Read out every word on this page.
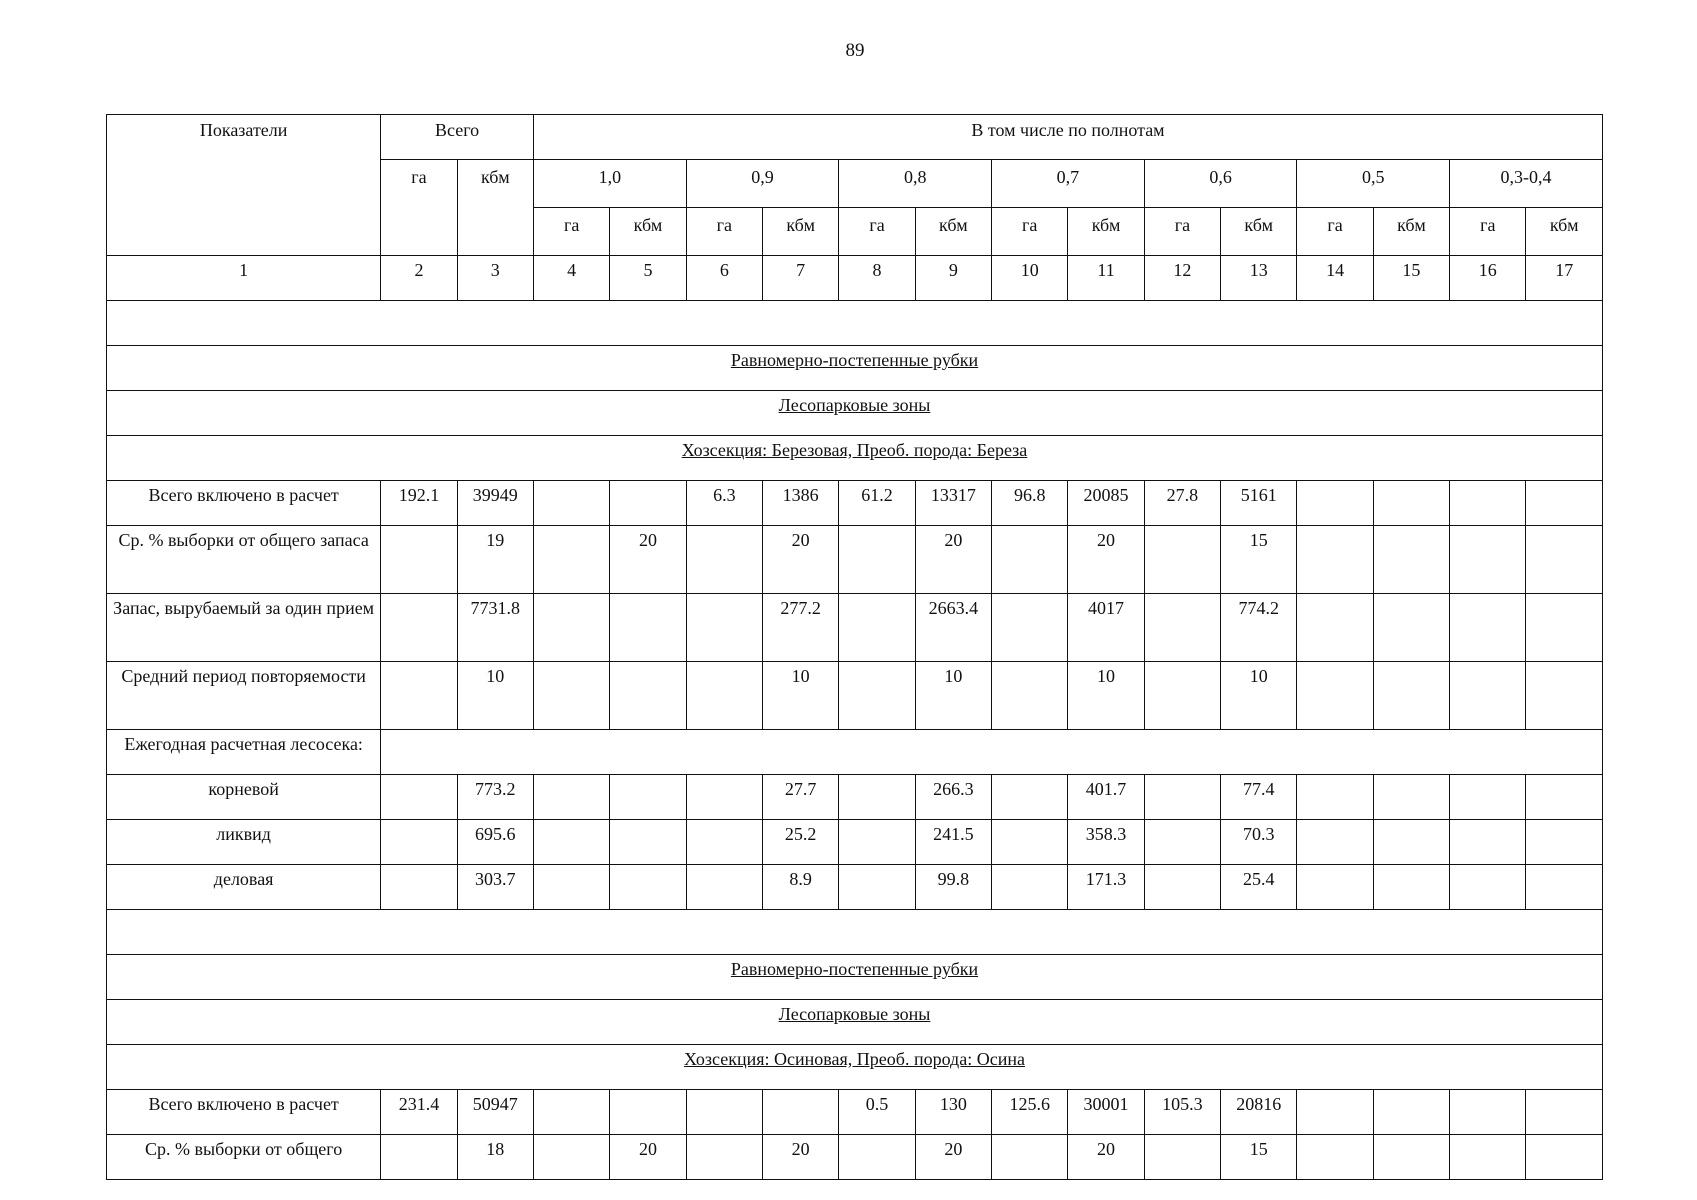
89
Показатели	Всего		В том числе по полнотам													
	га	кбм	1,0		0,9		0,8		0,7		0,6		0,5		0,3-0,4	
			га	кбм	га	кбм	га	кбм	га	кбм	га	кбм	га	кбм	га	кбм
1	2	3	4	5	6	7	8	9	10	11	12	13	14	15	16	17

Равномерно-постепенные рубки																
Лесопарковые зоны																
Хозсекция: Березовая, Преоб. порода: Береза																
Всего включено в расчет	192.1	39949			6.3	1386	61.2	13317	96.8	20085	27.8	5161				
Ср. % выборки от общего запаса		19		20		20		20		20		15				
Запас, вырубаемый за один прием		7731.8				277.2		2663.4		4017		774.2				
Средний период повторяемости		10				10		10		10		10				
Ежегодная расчетная лесосека:																
корневой		773.2				27.7		266.3		401.7		77.4				
ликвид		695.6				25.2		241.5		358.3		70.3				
деловая		303.7				8.9		99.8		171.3		25.4				

Равномерно-постепенные рубки																
Лесопарковые зоны																
Хозсекция: Осиновая, Преоб. порода: Осина																
Всего включено в расчет	231.4	50947					0.5	130	125.6	30001	105.3	20816				
Ср. % выборки от общего		18		20		20		20		20		15				
